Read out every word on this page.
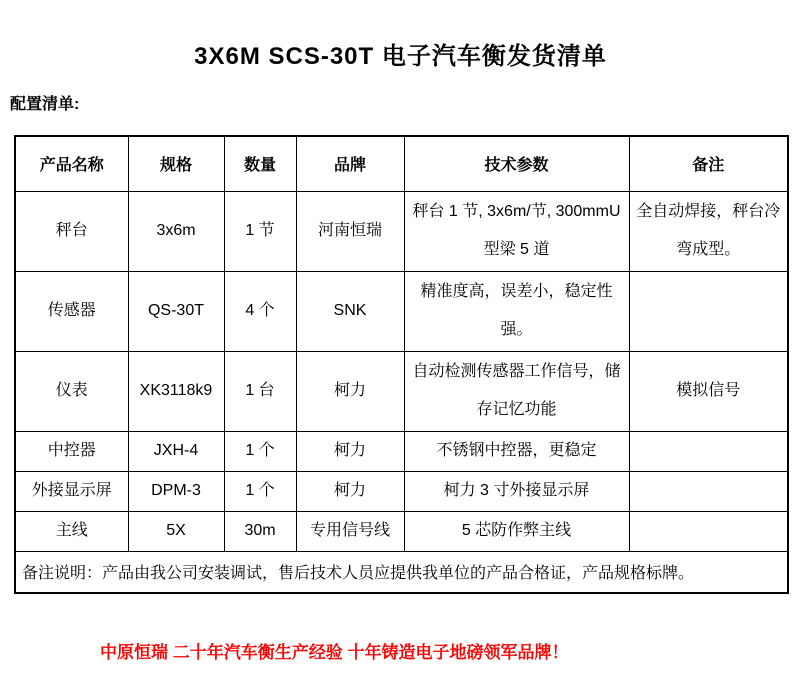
3X6M SCS-30T 电子汽车衡发货清单
配置清单:
产品名称	规格	数量	品牌	技术参数	备注
秤台	3x6m	1 节	河南恒瑞	秤台 1 节, 3x6m/节, 300mmU 型梁 5 道	全自动焊接，秤台冷弯成型。
传感器	QS-30T	4 个	SNK	精准度高，误差小，稳定性强。	
仪表	XK3118k9	1 台	柯力	自动检测传感器工作信号，储存记忆功能	模拟信号
中控器	JXH-4	1 个	柯力	不锈钢中控器，更稳定	
外接显示屏	DPM-3	1 个	柯力	柯力 3 寸外接显示屏	
主线	5X	30m	专用信号线	5 芯防作弊主线	
备注说明：产品由我公司安装调试，售后技术人员应提供我单位的产品合格证，产品规格标牌。					
中原恒瑞 二十年汽车衡生产经验 十年铸造电子地磅领军品牌！
